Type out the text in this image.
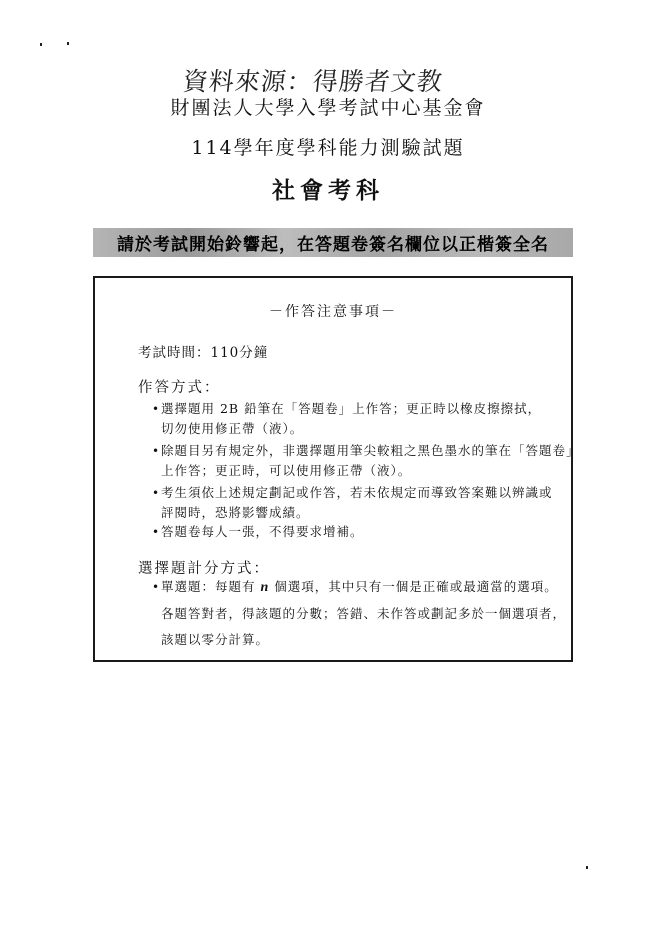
資料來源：得勝者文教
財團法人大學入學考試中心基金會
114學年度學科能力測驗試題
社會考科
請於考試開始鈴響起，在答題卷簽名欄位以正楷簽全名
－作答注意事項－
考試時間：110分鐘
作答方式：
• 選擇題用 2B 鉛筆在「答題卷」上作答；更正時以橡皮擦擦拭，
切勿使用修正帶（液）。
• 除題目另有規定外，非選擇題用筆尖較粗之黑色墨水的筆在「答題卷」
上作答；更正時，可以使用修正帶（液）。
• 考生須依上述規定劃記或作答，若未依規定而導致答案難以辨識或
評閱時，恐將影響成績。
• 答題卷每人一張，不得要求增補。
選擇題計分方式：
• 單選題：每題有 n 個選項，其中只有一個是正確或最適當的選項。
各題答對者，得該題的分數；答錯、未作答或劃記多於一個選項者，
該題以零分計算。
